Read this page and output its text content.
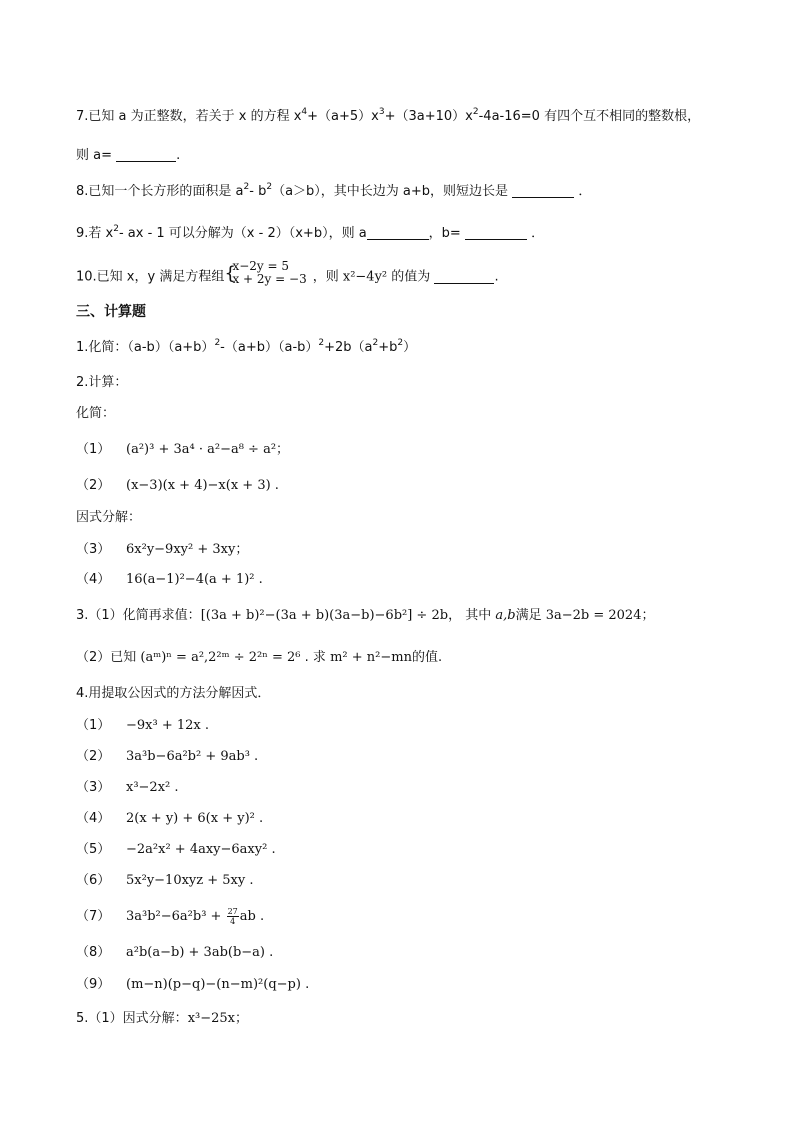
7.已知 a 为正整数，若关于 x 的方程 $x^4+(a+5)x^3+(3a+10)x^2-4a-16=0$ 有四个互不相同的整数根，
则 a=	.
8.已知一个长方形的面积是 $a^2-$ $b^2(a>b)$，其中长边为 a+b，则短边长是	．
9.若 $x^2-$ ax - 1 可以分解为（x - 2）（x+b），则 a	，b=	．
10.已知 x，y 满足方程组 {
x−2y = 5
x + 2y = −3 ，则 x²−4y² 的值为	.
三、计算题
1.化简：$(a-b)(a+b)^2-(a+b)(a-b)^2+2b(a^2+b^2)$
2.计算：
化简：
（1） (a²)³ + 3a⁴ · a²−a⁸ ÷ a²；
（2） (x−3)(x + 4)−x(x + 3) .
因式分解：
（3） 6x²y−9xy² + 3xy；
（4） 16(a−1)²−4(a + 1)² .
3.（1）化简再求值：[(3a + b)²−(3a + b)(3a−b)−6b²] ÷ 2b， 其中 a,b满足 3a−2b = 2024；
（2）已知 (aᵐ)ⁿ = a²,2²ᵐ ÷ 2²ⁿ = 2⁶ . 求 m² + n²−mn的值.
4.用提取公因式的方法分解因式．
（1） −9x³ + 12x .
（2） 3a³b−6a²b² + 9ab³ .
（3） x³−2x² .
（4） 2(x + y) + 6(x + y)² .
（5） −2a²x² + 4axy−6axy² .
（6） 5x²y−10xyz + 5xy .
（7） $3a^3b^2-6a^2b^3 + \frac{27}{4}$ ab .
（8） a²b(a−b) + 3ab(b−a) .
（9） (m−n)(p−q)−(n−m)²(q−p) .
5.（1）因式分解：x³−25x；
